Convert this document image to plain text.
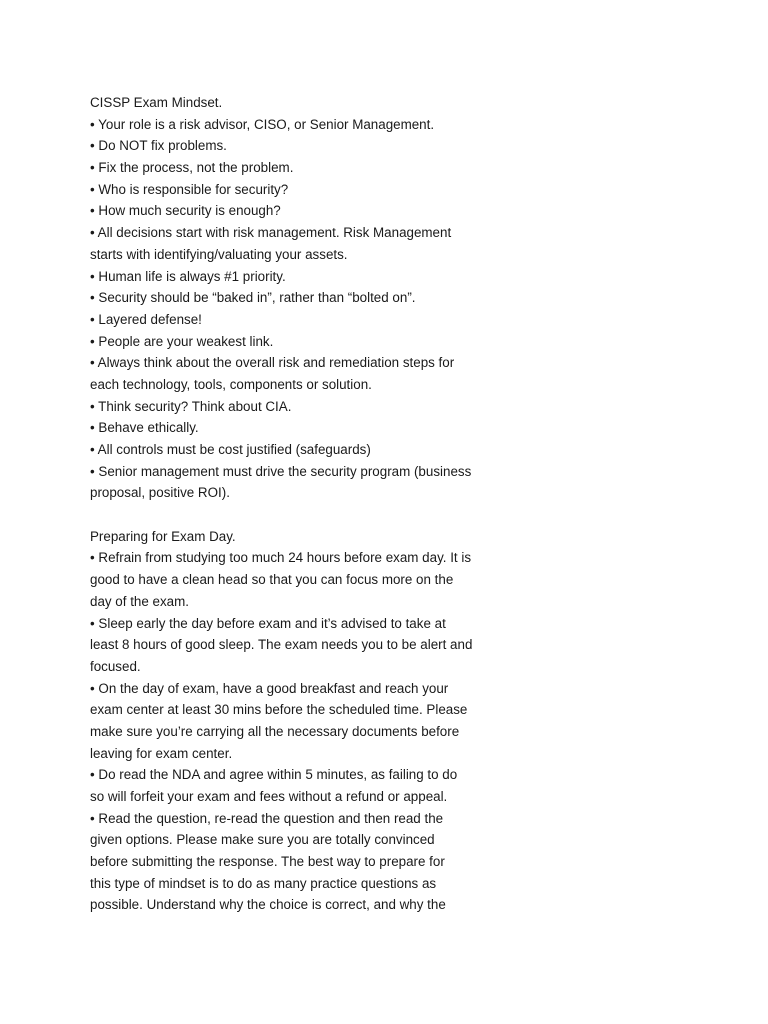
CISSP Exam Mindset.
• Your role is a risk advisor, CISO, or Senior Management.
• Do NOT fix problems.
• Fix the process, not the problem.
• Who is responsible for security?
• How much security is enough?
• All decisions start with risk management. Risk Management
starts with identifying/valuating your assets.
• Human life is always #1 priority.
• Security should be “baked in”, rather than “bolted on”.
• Layered defense!
• People are your weakest link.
• Always think about the overall risk and remediation steps for
each technology, tools, components or solution.
• Think security? Think about CIA.
• Behave ethically.
• All controls must be cost justified (safeguards)
• Senior management must drive the security program (business
proposal, positive ROI).
Preparing for Exam Day.
• Refrain from studying too much 24 hours before exam day. It is
good to have a clean head so that you can focus more on the
day of the exam.
• Sleep early the day before exam and it’s advised to take at
least 8 hours of good sleep. The exam needs you to be alert and
focused.
• On the day of exam, have a good breakfast and reach your
exam center at least 30 mins before the scheduled time. Please
make sure you’re carrying all the necessary documents before
leaving for exam center.
• Do read the NDA and agree within 5 minutes, as failing to do
so will forfeit your exam and fees without a refund or appeal.
• Read the question, re-read the question and then read the
given options. Please make sure you are totally convinced
before submitting the response. The best way to prepare for
this type of mindset is to do as many practice questions as
possible. Understand why the choice is correct, and why the
